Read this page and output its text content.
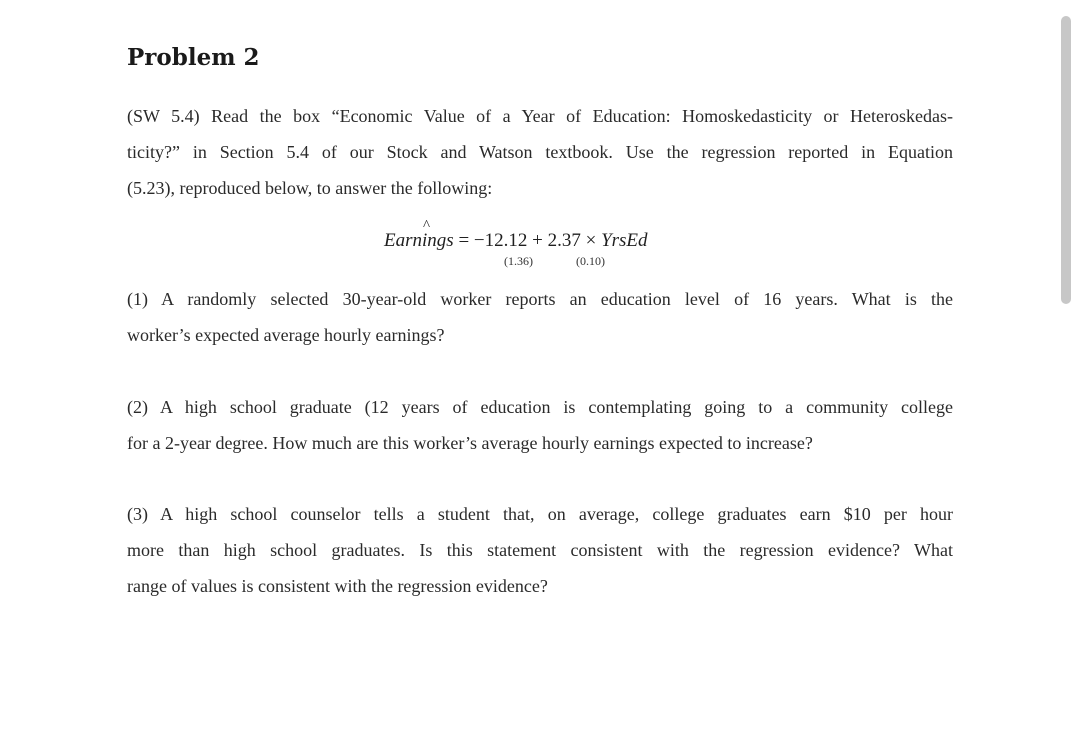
Problem 2
(SW 5.4) Read the box “Economic Value of a Year of Education: Homoskedasticity or Heteroskedas-
ticity?” in Section 5.4 of our Stock and Watson textbook. Use the regression reported in Equation
(5.23), reproduced below, to answer the following:
Earnings
^
= −12.12 + 2.37 × YrsEd
(1.36)	(0.10)
(1) A randomly selected 30-year-old worker reports an education level of 16 years. What is the
worker’s expected average hourly earnings?
(2) A high school graduate (12 years of education is contemplating going to a community college
for a 2-year degree. How much are this worker’s average hourly earnings expected to increase?
(3) A high school counselor tells a student that, on average, college graduates earn $10 per hour
more than high school graduates. Is this statement consistent with the regression evidence? What
range of values is consistent with the regression evidence?
